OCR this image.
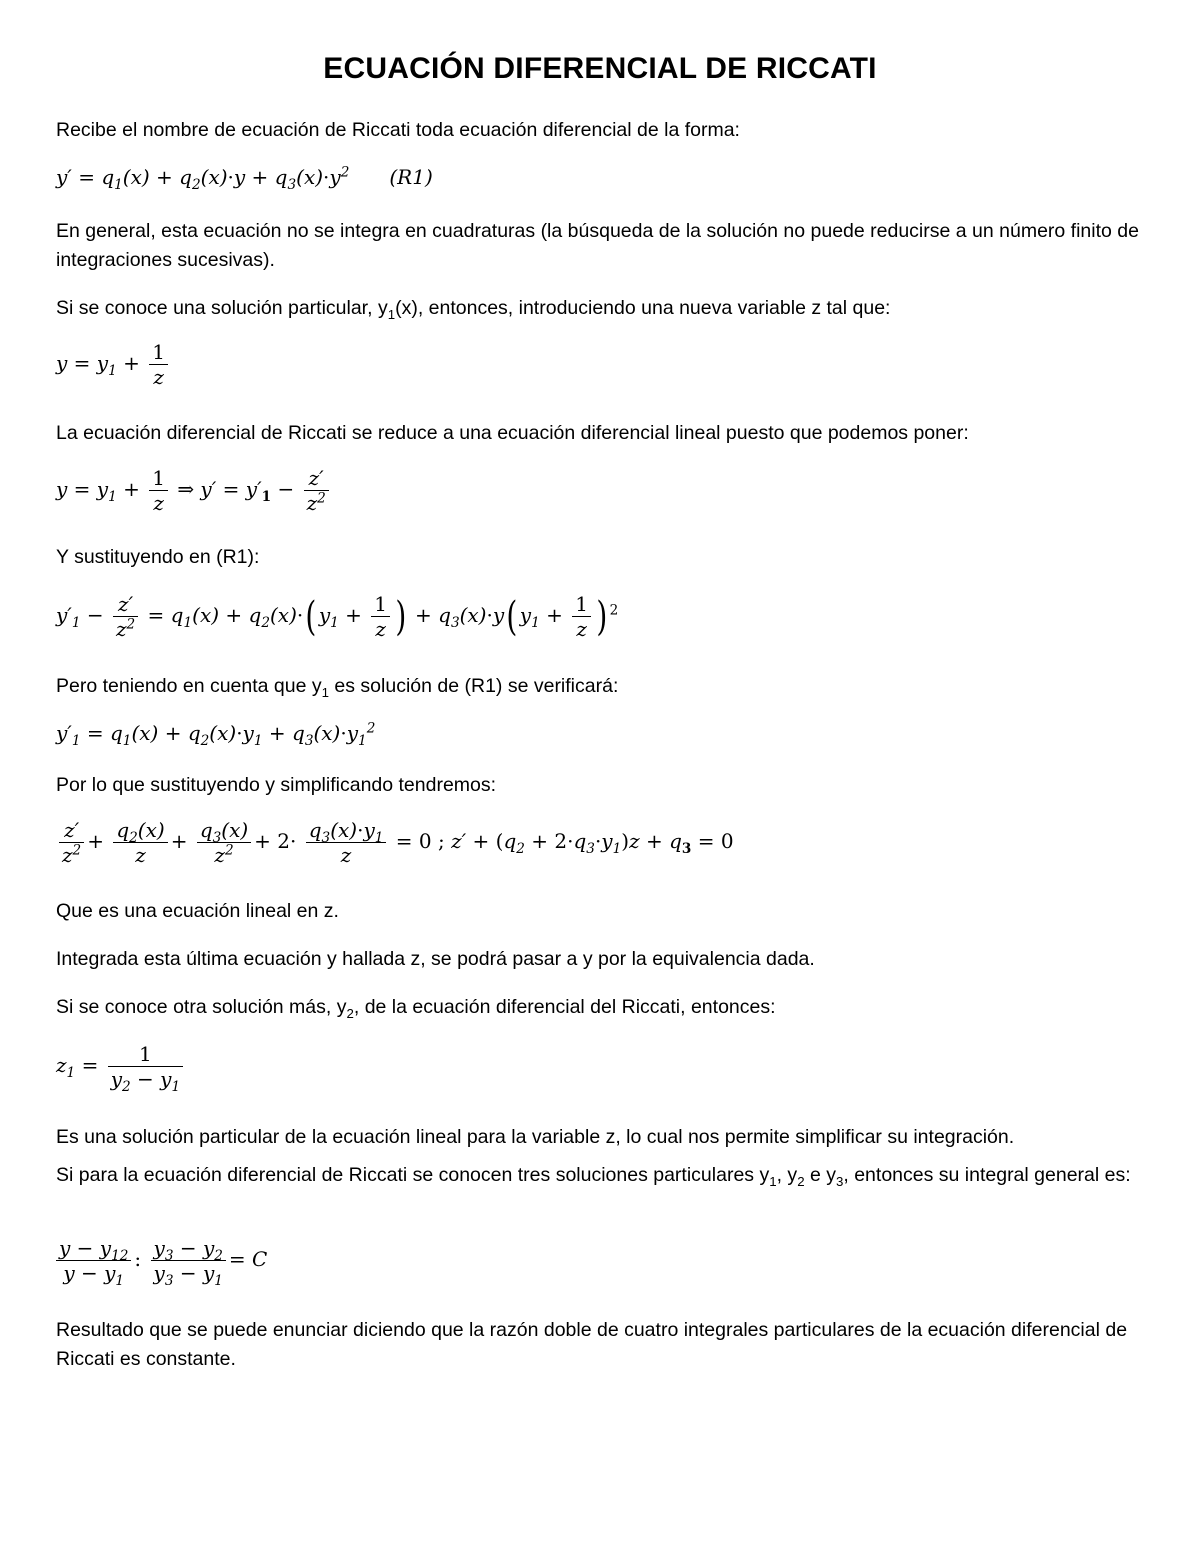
ECUACIÓN DIFERENCIAL DE RICCATI
Recibe el nombre de ecuación de Riccati toda ecuación diferencial de la forma:
$y' = q_1(x) + q_2(x)\cdot y + q_3(x)\cdot y^2$ (R1)
En general, esta ecuación no se integra en cuadraturas (la búsqueda de la solución no puede reducirse a un número finito de integraciones sucesivas).
Si se conoce una solución particular, $y_1(x)$, entonces, introduciendo una nueva variable z tal que:
$y = y_1 + \frac{1}{z}$
La ecuación diferencial de Riccati se reduce a una ecuación diferencial lineal puesto que podemos poner:
$y = y_1 + \frac{1}{z}$ ⇒ $y' = y'_1 - \frac{z'}{z^2}$
Y sustituyendo en (R1):
$y'_1 - \frac{z'}{z^2} = q_1(x) + q_2(x)\cdot$( $y_1 + \frac{1}{z}$ ) + $q_3(x)\cdot y$( $y_1 + \frac{1}{z}$ ) $^2$
Pero teniendo en cuenta que $y_1$ es solución de (R1) se verificará:
$y'_1 = q_1(x) + q_2(x)\cdot y_1 + q_3(x)\cdot y_1^2$
Por lo que sustituyendo y simplificando tendremos:
$\frac{z'}{z^2} + \frac{q_2(x)}{z} + \frac{q_3(x)}{z^2} + 2\cdot \frac{q_3(x)\cdot y_1}{z} = 0$ ; $z' + (q_2 + 2\cdot q_3\cdot y_1)z + q_3 = 0$
Que es una ecuación lineal en z.
Integrada esta última ecuación y hallada z, se podrá pasar a y por la equivalencia dada.
Si se conoce otra solución más, $y_2$, de la ecuación diferencial del Riccati, entonces:
$z_1 = \frac{1}{y_2 - y_1}$
Es una solución particular de la ecuación lineal para la variable z, lo cual nos permite simplificar su integración.
Si para la ecuación diferencial de Riccati se conocen tres soluciones particulares $y_1$, $y_2$ e $y_3$, entonces su integral general es:
$\frac{y - y_{12}}{y - y_1}$ : $\frac{y_3 - y_2}{y_3 - y_1} = C$
Resultado que se puede enunciar diciendo que la razón doble de cuatro integrales particulares de la ecuación diferencial de Riccati es constante.
